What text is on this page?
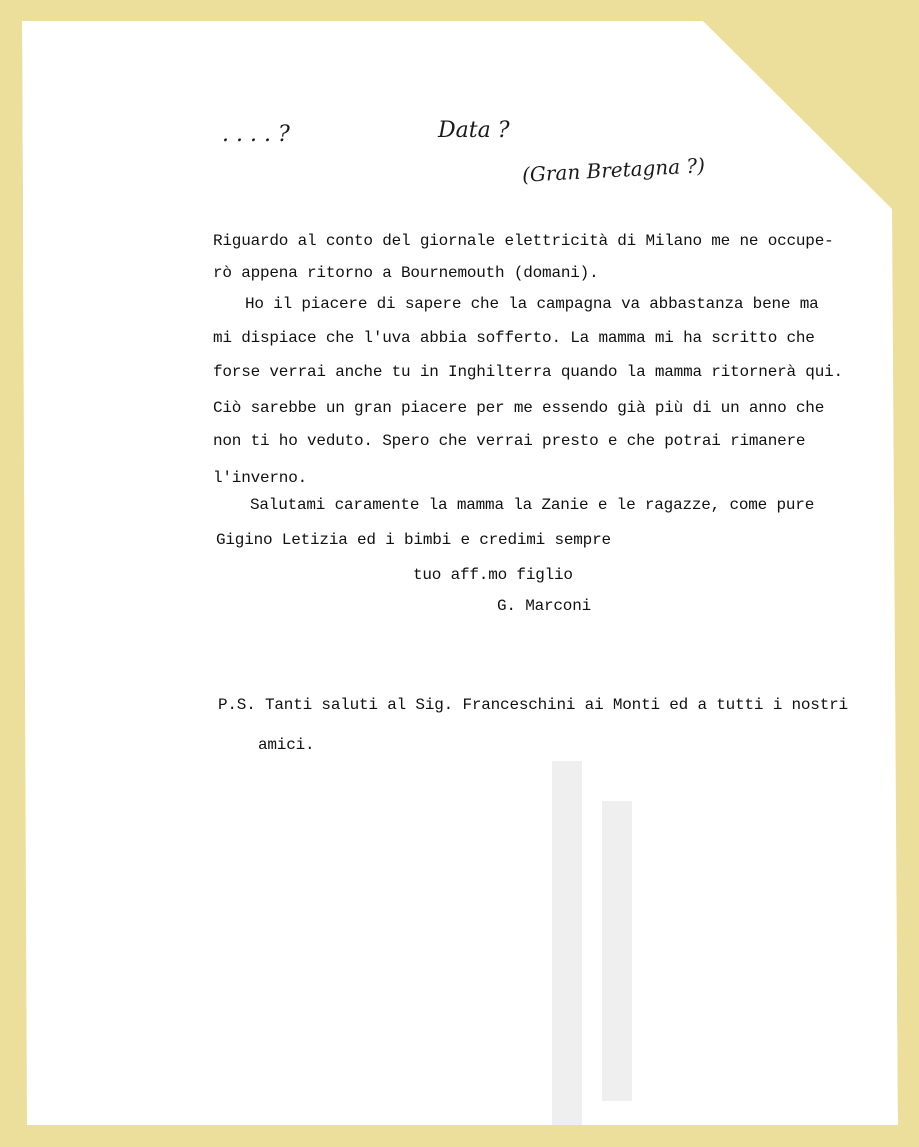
. . . . ?	Data ?
(Gran Bretagna ?)
Riguardo al conto del giornale elettricità di Milano me ne occupe-
rò appena ritorno a Bournemouth (domani).
Ho il piacere di sapere che la campagna va abbastanza bene ma
mi dispiace che l'uva abbia sofferto. La mamma mi ha scritto che
forse verrai anche tu in Inghilterra quando la mamma ritornerà qui.
Ciò sarebbe un gran piacere per me essendo già più di un anno che
non ti ho veduto. Spero che verrai presto e che potrai rimanere
l'inverno.
Salutami caramente la mamma la Zanie e le ragazze, come pure
Gigino Letizia ed i bimbi e credimi sempre
tuo aff.mo figlio
G. Marconi
P.S. Tanti saluti al Sig. Franceschini ai Monti ed a tutti i nostri
amici.
